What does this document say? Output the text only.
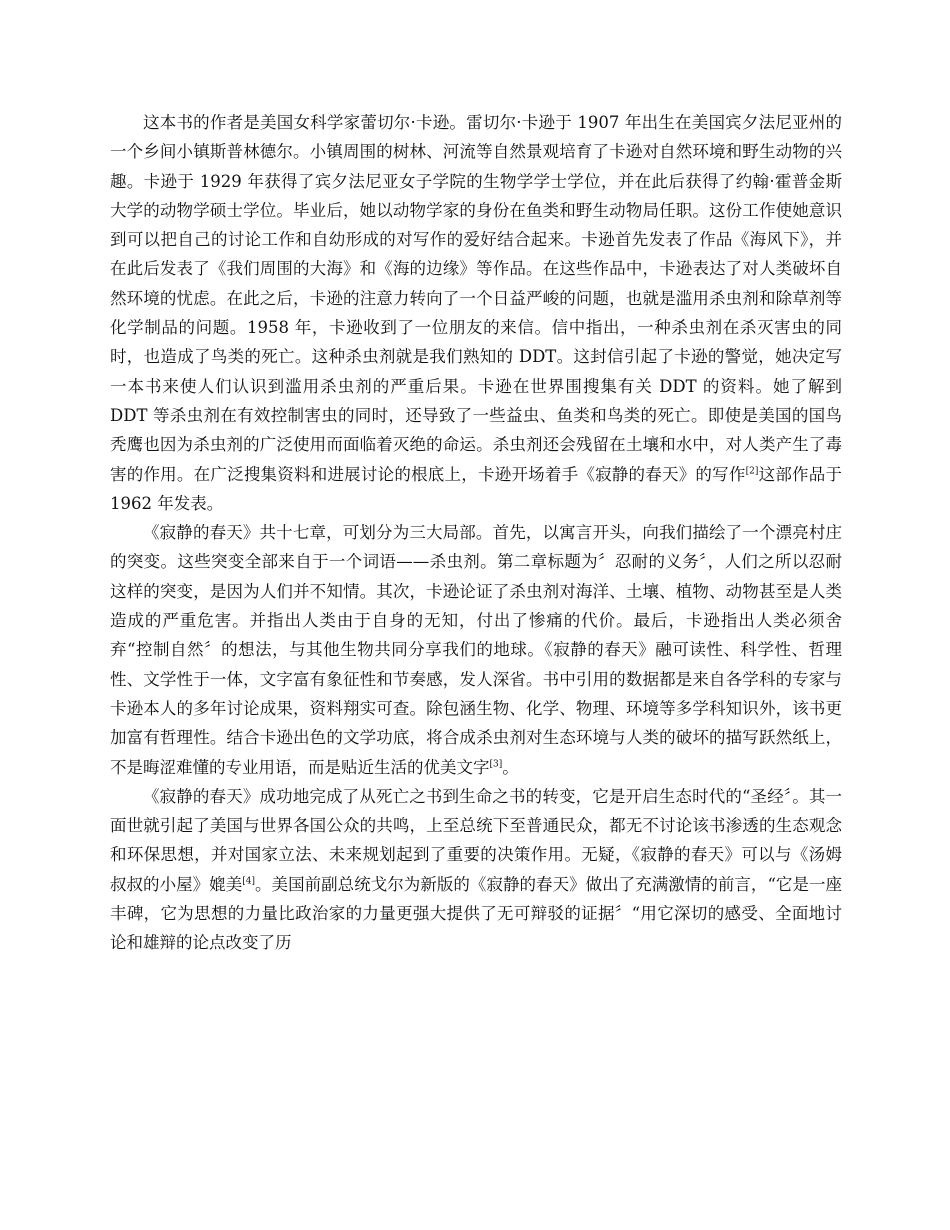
这本书的作者是美国女科学家蕾切尔·卡逊。雷切尔·卡逊于 1907 年出生在美国宾夕法尼亚州的一个乡间小镇斯普林德尔。小镇周围的树林、河流等自然景观培育了卡逊对自然环境和野生动物的兴趣。卡逊于 1929 年获得了宾夕法尼亚女子学院的生物学学士学位，并在此后获得了约翰·霍普金斯大学的动物学硕士学位。毕业后，她以动物学家的身份在鱼类和野生动物局任职。这份工作使她意识到可以把自己的讨论工作和自幼形成的对写作的爱好结合起来。卡逊首先发表了作品《海风下》，并在此后发表了《我们周围的大海》和《海的边缘》等作品。在这些作品中，卡逊表达了对人类破坏自然环境的忧虑。在此之后，卡逊的注意力转向了一个日益严峻的问题，也就是滥用杀虫剂和除草剂等化学制品的问题。1958 年，卡逊收到了一位朋友的来信。信中指出，一种杀虫剂在杀灭害虫的同时，也造成了鸟类的死亡。这种杀虫剂就是我们熟知的 DDT。这封信引起了卡逊的警觉，她决定写一本书来使人们认识到滥用杀虫剂的严重后果。卡逊在世界围搜集有关 DDT 的资料。她了解到 DDT 等杀虫剂在有效控制害虫的同时，还导致了一些益虫、鱼类和鸟类的死亡。即使是美国的国鸟秃鹰也因为杀虫剂的广泛使用而面临着灭绝的命运。杀虫剂还会残留在土壤和水中，对人类产生了毒害的作用。在广泛搜集资料和进展讨论的根底上，卡逊开场着手《寂静的春天》的写作[2]这部作品于 1962 年发表。

《寂静的春天》共十七章，可划分为三大局部。首先，以寓言开头，向我们描绘了一个漂亮村庄的突变。这些突变全部来自于一个词语——杀虫剂。第二章标题为〞忍耐的义务〞，人们之所以忍耐这样的突变，是因为人们并不知情。其次，卡逊论证了杀虫剂对海洋、土壤、植物、动物甚至是人类造成的严重危害。并指出人类由于自身的无知，付出了惨痛的代价。最后，卡逊指出人类必须舍弃“控制自然〞的想法，与其他生物共同分享我们的地球。《寂静的春天》融可读性、科学性、哲理性、文学性于一体，文字富有象征性和节奏感，发人深省。书中引用的数据都是来自各学科的专家与卡逊本人的多年讨论成果，资料翔实可查。除包涵生物、化学、物理、环境等多学科知识外，该书更加富有哲理性。结合卡逊出色的文学功底，将合成杀虫剂对生态环境与人类的破坏的描写跃然纸上，不是晦涩难懂的专业用语，而是贴近生活的优美文字[3]。

《寂静的春天》成功地完成了从死亡之书到生命之书的转变，它是开启生态时代的“圣经〞。其一面世就引起了美国与世界各国公众的共鸣，上至总统下至普通民众，都无不讨论该书渗透的生态观念和环保思想，并对国家立法、未来规划起到了重要的决策作用。无疑，《寂静的春天》可以与《汤姆叔叔的小屋》媲美[4]。美国前副总统戈尔为新版的《寂静的春天》做出了充满激情的前言，“它是一座丰碑，它为思想的力量比政治家的力量更强大提供了无可辩驳的证据〞“用它深切的感受、全面地讨论和雄辩的论点改变了历
